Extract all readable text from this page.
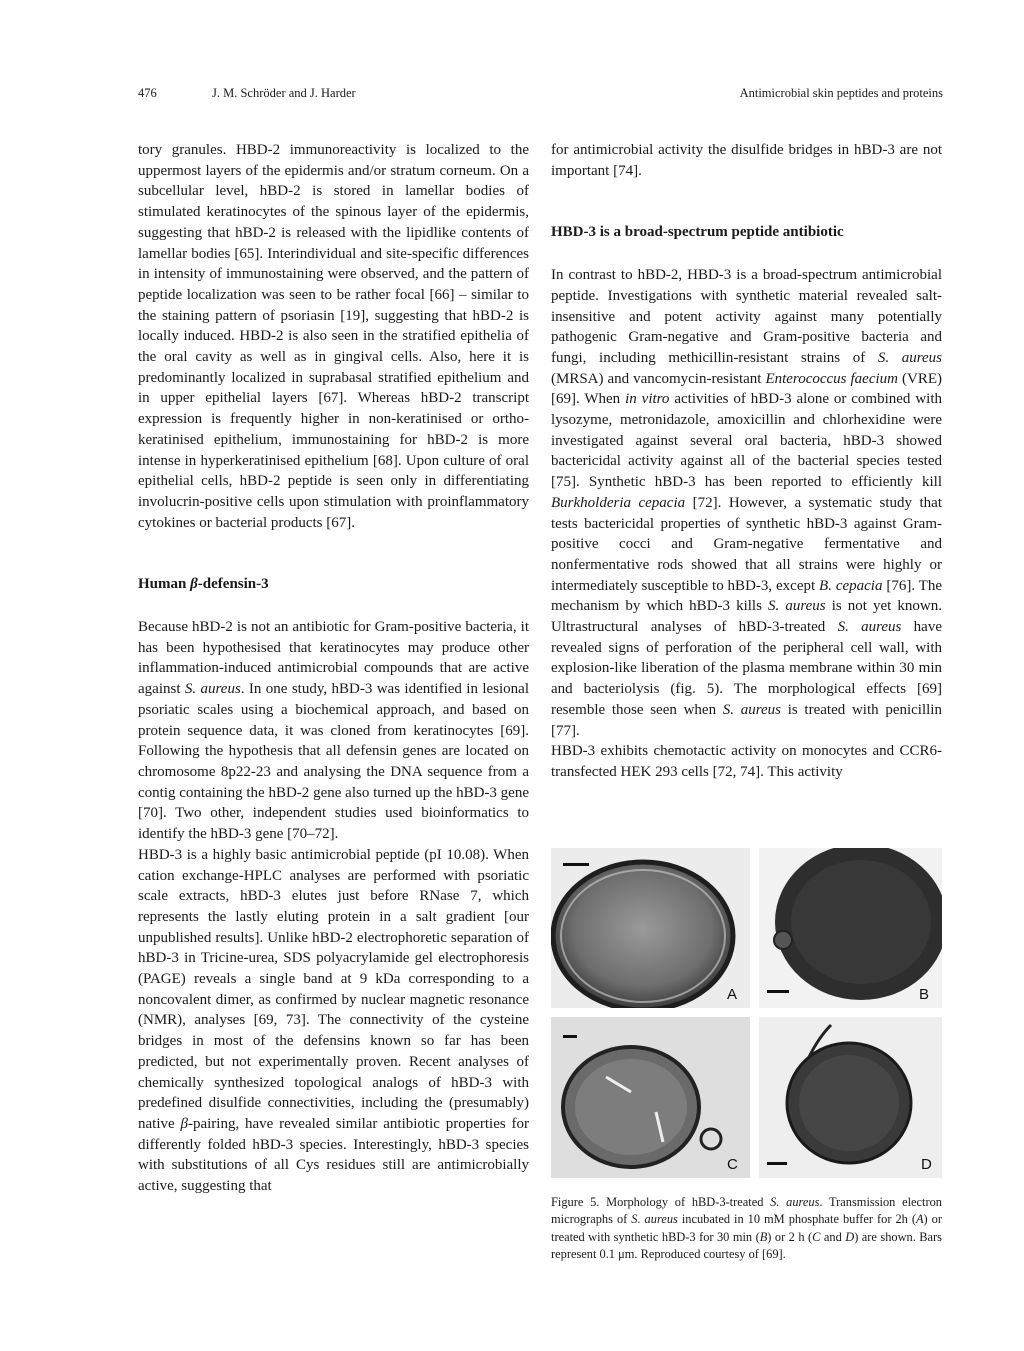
476	J. M. Schröder and J. Harder	Antimicrobial skin peptides and proteins

tory granules. HBD-2 immunoreactivity is localized to the uppermost layers of the epidermis and/or stratum corneum. On a subcellular level, hBD-2 is stored in lamellar bodies of stimulated keratinocytes of the spinous layer of the epidermis, suggesting that hBD-2 is released with the lipidlike contents of lamellar bodies [65]. Interindividual and site-specific differences in intensity of immunostaining were observed, and the pattern of peptide localization was seen to be rather focal [66] – similar to the staining pattern of psoriasin [19], suggesting that hBD-2 is locally induced. HBD-2 is also seen in the stratified epithelia of the oral cavity as well as in gingival cells. Also, here it is predominantly localized in suprabasal stratified epithelium and in upper epithelial layers [67]. Whereas hBD-2 transcript expression is frequently higher in non-keratinised or ortho-keratinised epithelium, immunostaining for hBD-2 is more intense in hyperkeratinised epithelium [68]. Upon culture of oral epithelial cells, hBD-2 peptide is seen only in differentiating involucrin-positive cells upon stimulation with proinflammatory cytokines or bacterial products [67].

Human β-defensin-3

Because hBD-2 is not an antibiotic for Gram-positive bacteria, it has been hypothesised that keratinocytes may produce other inflammation-induced antimicrobial compounds that are active against S. aureus. In one study, hBD-3 was identified in lesional psoriatic scales using a biochemical approach, and based on protein sequence data, it was cloned from keratinocytes [69]. Following the hypothesis that all defensin genes are located on chromosome 8p22-23 and analysing the DNA sequence from a contig containing the hBD-2 gene also turned up the hBD-3 gene [70]. Two other, independent studies used bioinformatics to identify the hBD-3 gene [70–72].

HBD-3 is a highly basic antimicrobial peptide (pI 10.08). When cation exchange-HPLC analyses are performed with psoriatic scale extracts, hBD-3 elutes just before RNase 7, which represents the lastly eluting protein in a salt gradient [our unpublished results]. Unlike hBD-2 electrophoretic separation of hBD-3 in Tricine-urea, SDS polyacrylamide gel electrophoresis (PAGE) reveals a single band at 9 kDa corresponding to a noncovalent dimer, as confirmed by nuclear magnetic resonance (NMR), analyses [69, 73]. The connectivity of the cysteine bridges in most of the defensins known so far has been predicted, but not experimentally proven. Recent analyses of chemically synthesized topological analogs of hBD-3 with predefined disulfide connectivities, including the (presumably) native β-pairing, have revealed similar antibiotic properties for differently folded hBD-3 species. Interestingly, hBD-3 species with substitutions of all Cys residues still are antimicrobially active, suggesting that

for antimicrobial activity the disulfide bridges in hBD-3 are not important [74].

HBD-3 is a broad-spectrum peptide antibiotic

In contrast to hBD-2, HBD-3 is a broad-spectrum antimicrobial peptide. Investigations with synthetic material revealed salt-insensitive and potent activity against many potentially pathogenic Gram-negative and Gram-positive bacteria and fungi, including methicillin-resistant strains of S. aureus (MRSA) and vancomycin-resistant Enterococcus faecium (VRE) [69]. When in vitro activities of hBD-3 alone or combined with lysozyme, metronidazole, amoxicillin and chlorhexidine were investigated against several oral bacteria, hBD-3 showed bactericidal activity against all of the bacterial species tested [75]. Synthetic hBD-3 has been reported to efficiently kill Burkholderia cepacia [72]. However, a systematic study that tests bactericidal properties of synthetic hBD-3 against Gram-positive cocci and Gram-negative fermentative and nonfermentative rods showed that all strains were highly or intermediately susceptible to hBD-3, except B. cepacia [76]. The mechanism by which hBD-3 kills S. aureus is not yet known. Ultrastructural analyses of hBD-3-treated S. aureus have revealed signs of perforation of the peripheral cell wall, with explosion-like liberation of the plasma membrane within 30 min and bacteriolysis (fig. 5). The morphological effects [69] resemble those seen when S. aureus is treated with penicillin [77].

HBD-3 exhibits chemotactic activity on monocytes and CCR6-transfected HEK 293 cells [72, 74]. This activity

A	B
C	D
Figure 5. Morphology of hBD-3-treated S. aureus. Transmission electron micrographs of S. aureus incubated in 10 mM phosphate buffer for 2h (A) or treated with synthetic hBD-3 for 30 min (B) or 2 h (C and D) are shown. Bars represent 0.1 μm. Reproduced courtesy of [69].
